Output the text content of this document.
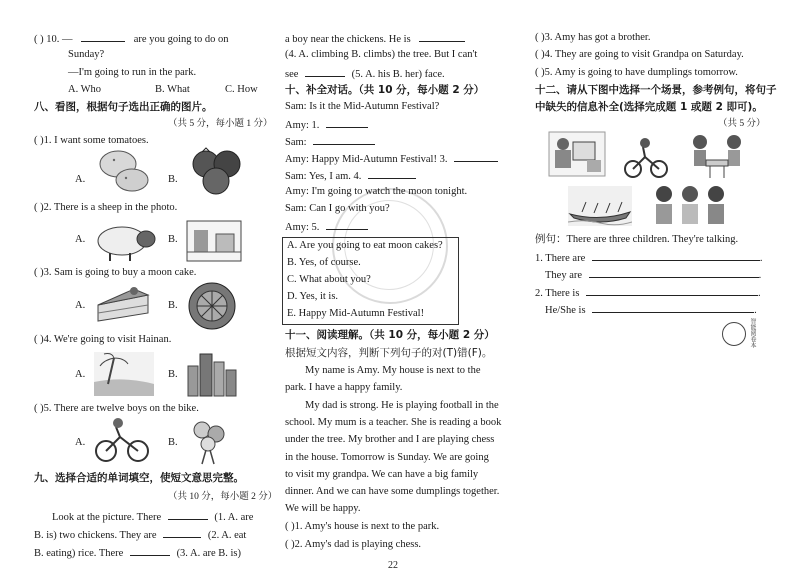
( ) 10. —	are you going to do on
Sunday?
—I'm going to run in the park.
A. Who	B. What	C. How
八、看图，根据句子选出正确的图片。
（共 5 分，每小题 1 分）
( )1. I want some tomatoes.
A.	B.
( )2. There is a sheep in the photo.
A.	B.
( )3. Sam is going to buy a moon cake.
A.	B.
( )4. We're going to visit Hainan.
A.	B.
( )5. There are twelve boys on the bike.
A.	B.
九、选择合适的单词填空，使短文意思完整。
（共 10 分，每小题 2 分）
Look at the picture. There	(1. A. are
B. is) two chickens. They are	(2. A. eat
B. eating) rice. There	(3. A. are B. is)
a boy near the chickens. He is
(4. A. climbing B. climbs) the tree. But I can't
see	(5. A. his B. her) face.
十、补全对话。（共 10 分，每小题 2 分）
Sam: Is it the Mid-Autumn Festival?
Amy: 1.
Sam:
Amy: Happy Mid-Autumn Festival! 3.
Sam: Yes, I am. 4.
Amy: I'm going to watch the moon tonight.
Sam: Can I go with you?
Amy: 5.
A. Are you going to eat moon cakes?
B. Yes, of course.
C. What about you?
D. Yes, it is.
E. Happy Mid-Autumn Festival!
十一、阅读理解。（共 10 分，每小题 2 分）
根据短文内容，判断下列句子的对(T)错(F)。
My name is Amy. My house is next to the
park. I have a happy family.
My dad is strong. He is playing football in the
school. My mum is a teacher. She is reading a book
under the tree. My brother and I are playing chess
in the house. Tomorrow is Sunday. We are going
to visit my grandpa. We can have a big family
dinner. And we can have some dumplings together.
We will be happy.
( )1. Amy's house is next to the park.
( )2. Amy's dad is playing chess.
( )3. Amy has got a brother.
( )4. They are going to visit Grandpa on Saturday.
( )5. Amy is going to have dumplings tomorrow.
十二、请从下图中选择一个场景，参考例句，将句子
中缺失的信息补全(选择完成题 1 或题 2 即可)。
（共 5 分）
例句：There are three children. They're talking.
1. There are	.
They are	.
2. There is	.
He/She is	.
智能阅卷本
22
